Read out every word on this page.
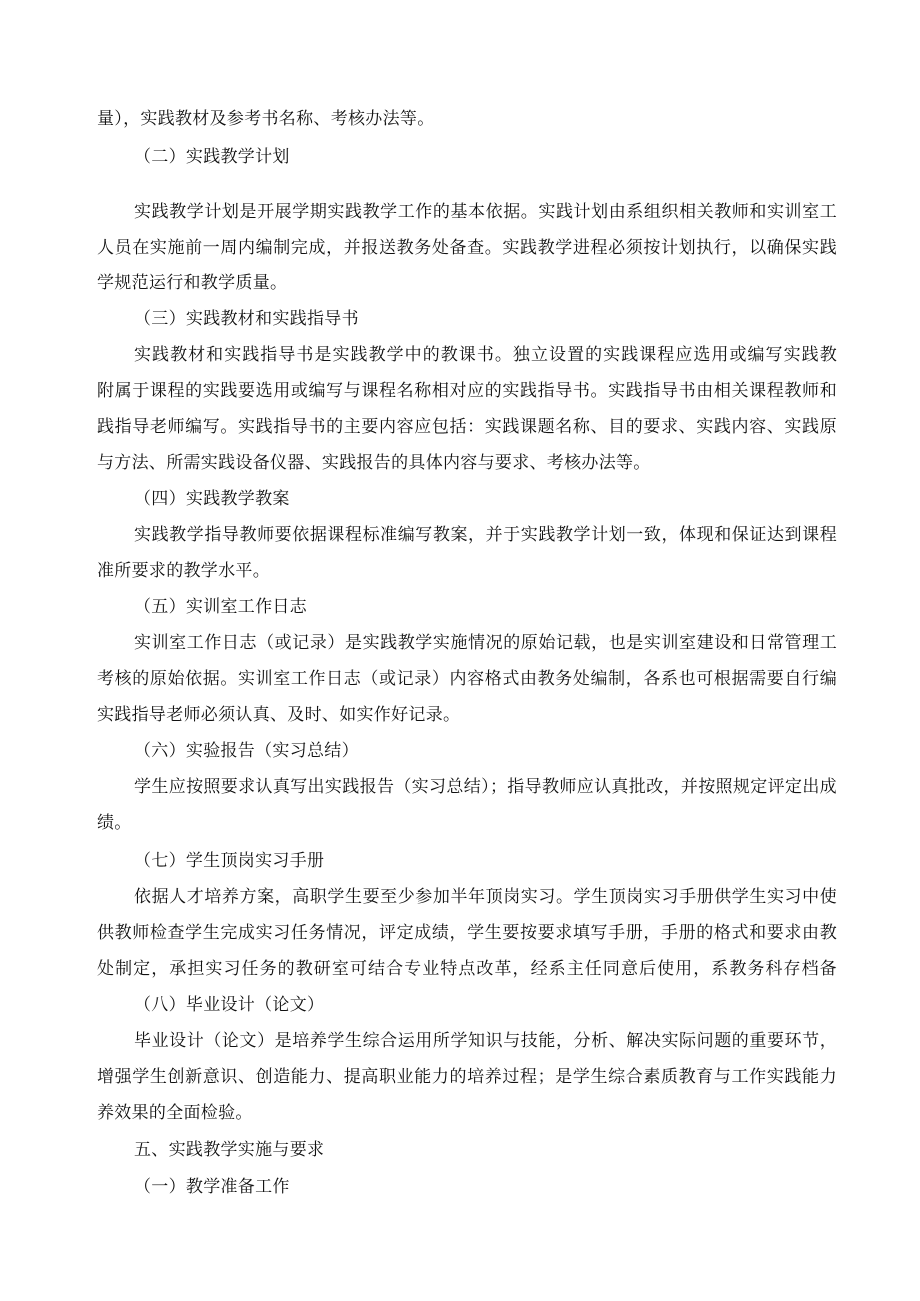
量），实践教材及参考书名称、考核办法等。
（二）实践教学计划
实践教学计划是开展学期实践教学工作的基本依据。实践计划由系组织相关教师和实训室工
人员在实施前一周内编制完成，并报送教务处备查。实践教学进程必须按计划执行，以确保实践
学规范运行和教学质量。
（三）实践教材和实践指导书
实践教材和实践指导书是实践教学中的教课书。独立设置的实践课程应选用或编写实践教
附属于课程的实践要选用或编写与课程名称相对应的实践指导书。实践指导书由相关课程教师和
践指导老师编写。实践指导书的主要内容应包括：实践课题名称、目的要求、实践内容、实践原
与方法、所需实践设备仪器、实践报告的具体内容与要求、考核办法等。
（四）实践教学教案
实践教学指导教师要依据课程标准编写教案，并于实践教学计划一致，体现和保证达到课程
准所要求的教学水平。
（五）实训室工作日志
实训室工作日志（或记录）是实践教学实施情况的原始记载，也是实训室建设和日常管理工
考核的原始依据。实训室工作日志（或记录）内容格式由教务处编制，各系也可根据需要自行编
实践指导老师必须认真、及时、如实作好记录。
（六）实验报告（实习总结）
学生应按照要求认真写出实践报告（实习总结）；指导教师应认真批改，并按照规定评定出成
绩。
（七）学生顶岗实习手册
依据人才培养方案，高职学生要至少参加半年顶岗实习。学生顶岗实习手册供学生实习中使
供教师检查学生完成实习任务情况，评定成绩，学生要按要求填写手册，手册的格式和要求由教
处制定，承担实习任务的教研室可结合专业特点改革，经系主任同意后使用，系教务科存档备
（八）毕业设计（论文）
毕业设计（论文）是培养学生综合运用所学知识与技能，分析、解决实际问题的重要环节，
增强学生创新意识、创造能力、提高职业能力的培养过程；是学生综合素质教育与工作实践能力
养效果的全面检验。
五、实践教学实施与要求
（一）教学准备工作
